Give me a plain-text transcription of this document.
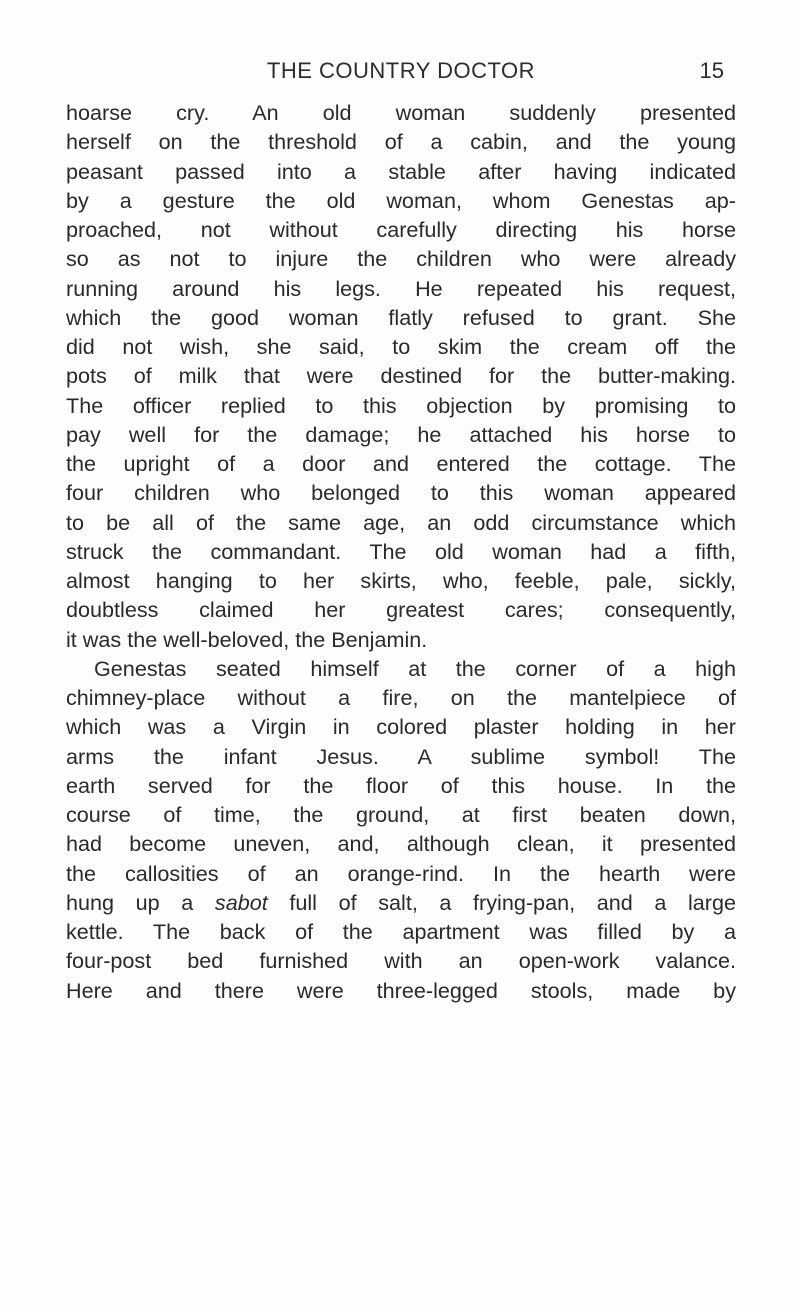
THE COUNTRY DOCTOR	15
hoarse cry. An old woman suddenly presented
herself on the threshold of a cabin, and the young
peasant passed into a stable after having indicated
by a gesture the old woman, whom Genestas ap-
proached, not without carefully directing his horse
so as not to injure the children who were already
running around his legs. He repeated his request,
which the good woman flatly refused to grant. She
did not wish, she said, to skim the cream off the
pots of milk that were destined for the butter-making.
The officer replied to this objection by promising to
pay well for the damage; he attached his horse to
the upright of a door and entered the cottage. The
four children who belonged to this woman appeared
to be all of the same age, an odd circumstance which
struck the commandant. The old woman had a fifth,
almost hanging to her skirts, who, feeble, pale, sickly,
doubtless claimed her greatest cares; consequently,
it was the well-beloved, the Benjamin.
Genestas seated himself at the corner of a high
chimney-place without a fire, on the mantelpiece of
which was a Virgin in colored plaster holding in her
arms the infant Jesus. A sublime symbol! The
earth served for the floor of this house. In the
course of time, the ground, at first beaten down,
had become uneven, and, although clean, it presented
the callosities of an orange-rind. In the hearth were
hung up a sabot full of salt, a frying-pan, and a large
kettle. The back of the apartment was filled by a
four-post bed furnished with an open-work valance.
Here and there were three-legged stools, made by
